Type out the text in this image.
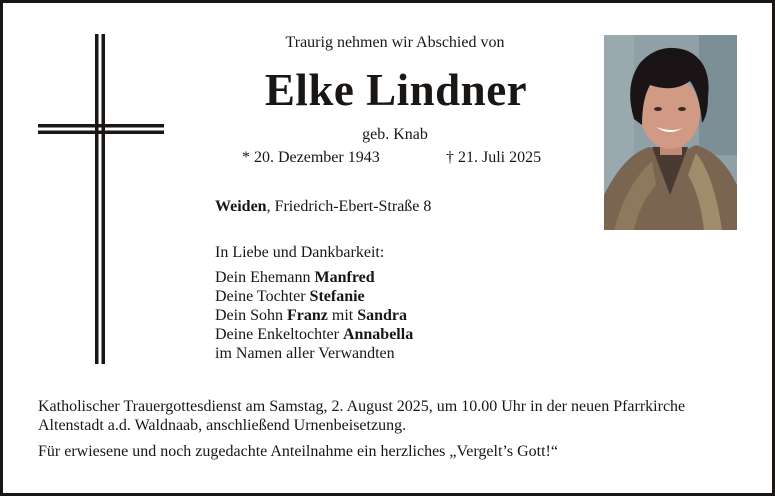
Traurig nehmen wir Abschied von
Elke Lindner
geb. Knab
* 20. Dezember 1943	† 21. Juli 2025
Weiden, Friedrich-Ebert-Straße 8
In Liebe und Dankbarkeit:
Dein Ehemann Manfred
Deine Tochter Stefanie
Dein Sohn Franz mit Sandra
Deine Enkeltochter Annabella
im Namen aller Verwandten
Katholischer Trauergottesdienst am Samstag, 2. August 2025, um 10.00 Uhr in der neuen Pfarrkirche Altenstadt a.d. Waldnaab, anschließend Urnenbeisetzung.
Für erwiesene und noch zugedachte Anteilnahme ein herzliches „Vergelt’s Gott!“
